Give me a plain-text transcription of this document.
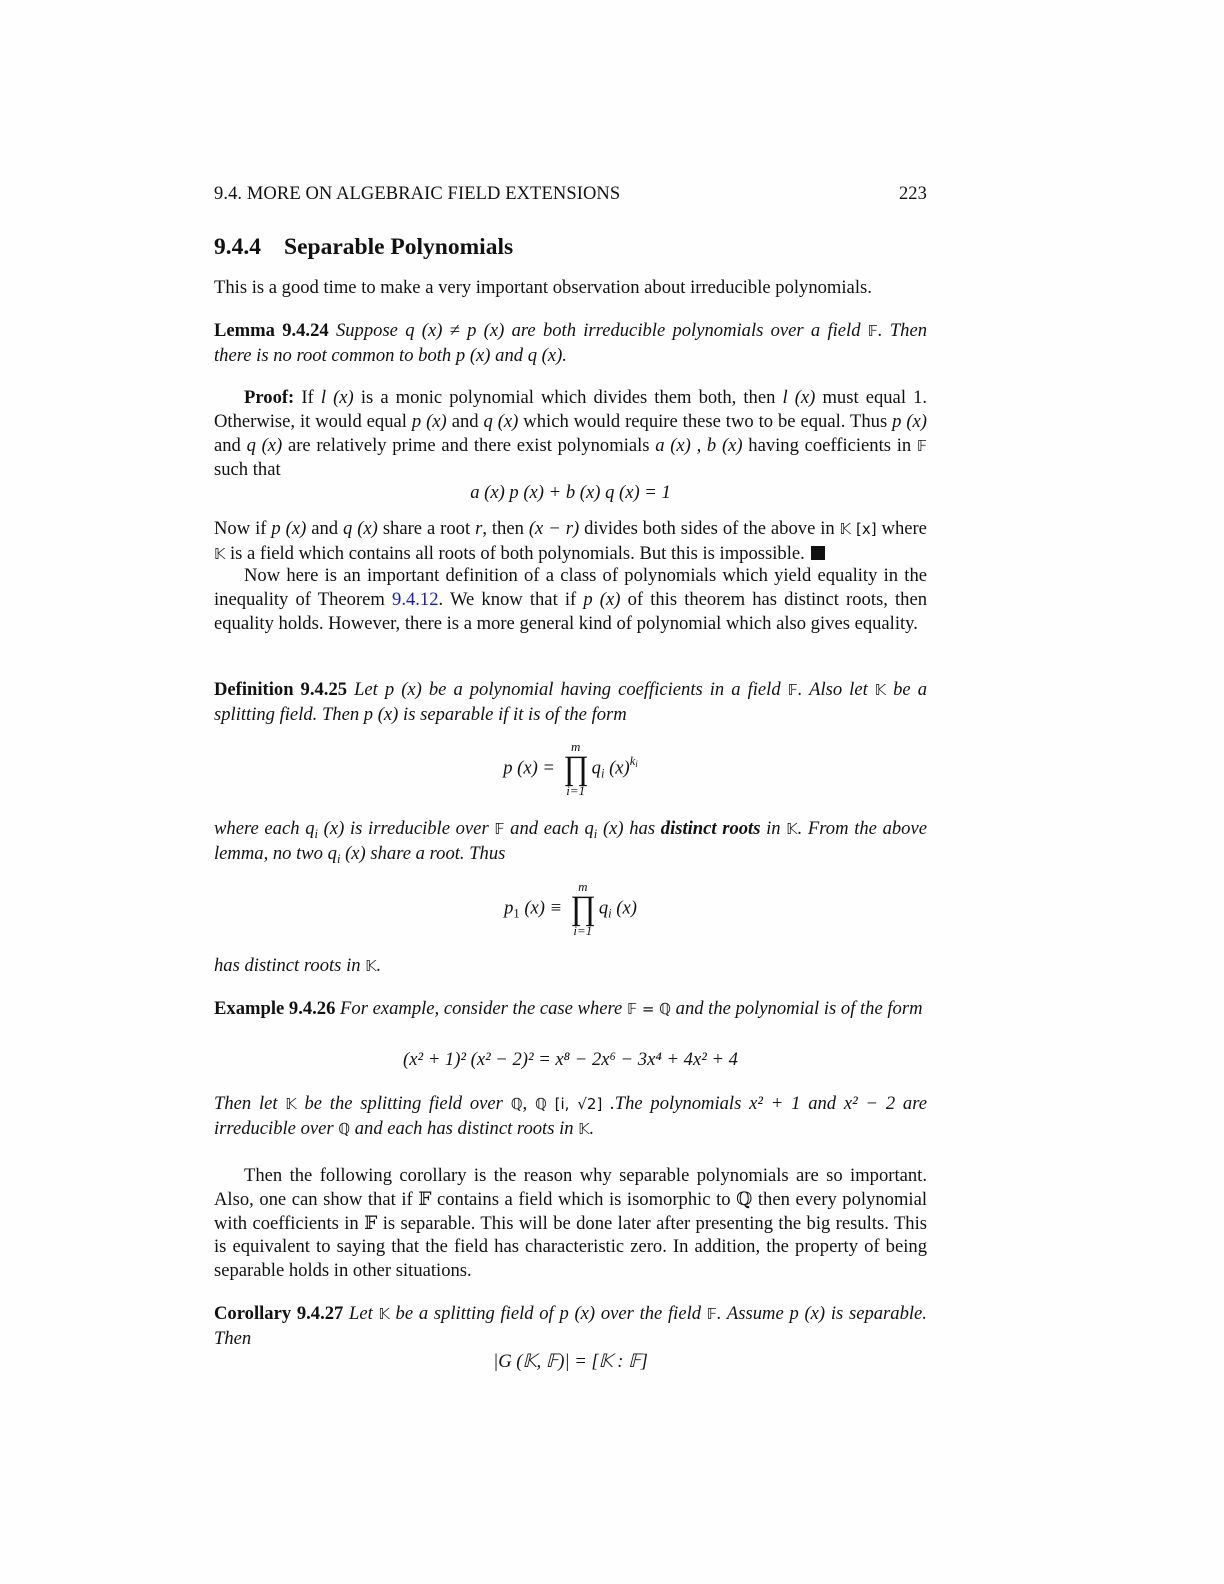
9.4. MORE ON ALGEBRAIC FIELD EXTENSIONS	223
9.4.4 Separable Polynomials
This is a good time to make a very important observation about irreducible polynomials.
Lemma 9.4.24 Suppose q (x) ≠ p (x) are both irreducible polynomials over a field 𝔽. Then there is no root common to both p (x) and q (x).
Proof: If l (x) is a monic polynomial which divides them both, then l (x) must equal 1. Otherwise, it would equal p (x) and q (x) which would require these two to be equal. Thus p (x) and q (x) are relatively prime and there exist polynomials a (x) , b (x) having coefficients in 𝔽 such that
a (x) p (x) + b (x) q (x) = 1
Now if p (x) and q (x) share a root r, then (x − r) divides both sides of the above in 𝕂 [x] where 𝕂 is a field which contains all roots of both polynomials. But this is impossible.
Now here is an important definition of a class of polynomials which yield equality in the inequality of Theorem 9.4.12. We know that if p (x) of this theorem has distinct roots, then equality holds. However, there is a more general kind of polynomial which also gives equality.
Definition 9.4.25 Let p (x) be a polynomial having coefficients in a field 𝔽. Also let 𝕂 be a splitting field. Then p (x) is separable if it is of the form
p (x) =
m
∏
i=1
$q_i$ $(x)^{k_i}$
where each $q_i$ (x) is irreducible over 𝔽 and each $q_i$ (x) has distinct roots in 𝕂. From the above lemma, no two $q_i$ (x) share a root. Thus
$p_1$ (x) ≡
m
∏
i=1
$q_i$ (x)
has distinct roots in 𝕂.
Example 9.4.26 For example, consider the case where 𝔽 = ℚ and the polynomial is of the form
(x² + 1)² (x² − 2)² = x⁸ − 2x⁶ − 3x⁴ + 4x² + 4
Then let 𝕂 be the splitting field over ℚ, ℚ [i, √2] .The polynomials x² + 1 and x² − 2 are irreducible over ℚ and each has distinct roots in 𝕂.
Then the following corollary is the reason why separable polynomials are so important. Also, one can show that if 𝔽 contains a field which is isomorphic to ℚ then every polynomial with coefficients in 𝔽 is separable. This will be done later after presenting the big results. This is equivalent to saying that the field has characteristic zero. In addition, the property of being separable holds in other situations.
Corollary 9.4.27 Let 𝕂 be a splitting field of p (x) over the field 𝔽. Assume p (x) is separable. Then
|G (𝕂, 𝔽)| = [𝕂 : 𝔽]
